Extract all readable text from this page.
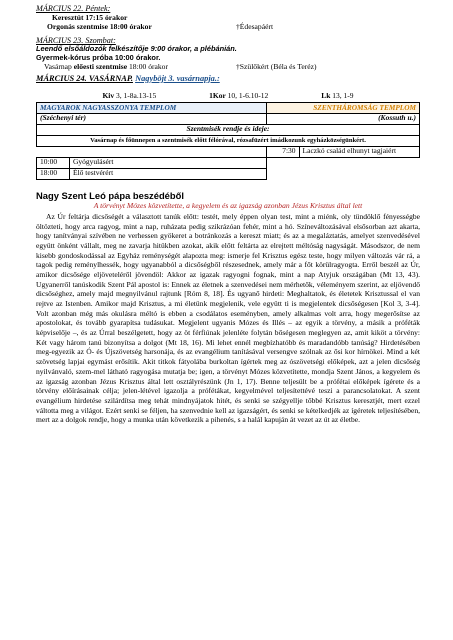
MÁRCIUS 22. Péntek:

Keresztút 17:15 órakor

Orgonás szentmise 18:00 órakor	†Édesapáért

MÁRCIUS 23. Szombat:

Leendő elsőáldozók felkészítője 9:00 órakor, a plébánián.

Gyermek-kórus próba 10:00 órakor.

Vasárnap előesti szentmise 18:00 órakor	†Szülőkért (Béla és Teréz)

MÁRCIUS 24. VASÁRNAP. Nagyböjt 3. vasárnapja.:

Kiv 3, 1-8a.13-15	1Kor 10, 1-6.10-12	Lk 13, 1-9
MAGYAROK NAGYASSZONYA TEMPLOM		SZENTHÁROMSÁG TEMPLOM	
(Széchenyi tér)		(Kossuth u.)	
Szentmisék rendje és ideje:			
Vasárnap és főünnepen a szentmisék előtt félórával, rózsafüzért imádkozunk egyházközségünkért.			
		7:30	Laczkó család elhunyt tagjaiért
10:00	Gyógyulásért		
18:00	Élő testvérért		

Nagy Szent Leó pápa beszédéből

A törvényt Mózes közvetítette, a kegyelem és az igazság azonban Jézus Krisztus által lett

Az Úr feltárja dicsőségét a választott tanúk előtt: testét, mely éppen olyan test, mint a miénk, oly tündöklő fényességbe öltözteti, hogy arca ragyog, mint a nap, ruházata pedig szikrázóan fehér, mint a hó. Színeváltozásával elsősorban azt akarta, hogy tanítványai szívében ne verhessen gyökeret a botránkozás a kereszt miatt; és az a megaláztatás, amelyet szenvedésével együtt önként vállalt, meg ne zavarja hitükben azokat, akik előtt feltárta az elrejtett méltóság nagyságát. Másodszor, de nem kisebb gondoskodással az Egyház reménységét alapozta meg: ismerje fel Krisztus egész teste, hogy milyen változás vár rá, a tagok pedig reménylhessék, hogy ugyanabból a dicsőségből részesednek, amely már a főt körülragyogta. Erről beszél az Úr, amikor dicsősége eljöveteléről jövendöl: Akkor az igazak ragyogni fognak, mint a nap Atyjuk országában (Mt 13, 43). Ugyanerről tanúskodik Szent Pál apostol is: Ennek az életnek a szenvedései nem mérhetők, véleményem szerint, az eljövendő dicsőséghez, amely majd megnyilvánul rajtunk [Róm 8, 18]. És ugyanő hirdeti: Meghaltatok, és életetek Krisztussal el van rejtve az Istenben. Amikor majd Krisztus, a mi életünk megjelenik, vele együtt ti is megjelentek dicsőségesen [Kol 3, 3-4]. Volt azonban még más okulásra méltó is ebben a csodálatos eseményben, amely alkalmas volt arra, hogy megerősítse az apostolokat, és tovább gyarapítsa tudásukat. Megjelent ugyanis Mózes és Illés – az egyik a törvény, a másik a próféták képviselője –, és az Úrral beszélgetett, hogy az öt férfiúnak jelenléte folytán bőségesen meglegyen az, amit kiköt a törvény: Két vagy három tanú bizonyítsa a dolgot (Mt 18, 16). Mi lehet ennél megbízhatóbb és maradandóbb tanúság? Hirdetésében meg-egyezik az Ó- és Újszövetség harsonája, és az evangélium tanításával versengve szólnak az ősi kor hírnökei. Mind a két szövetség lapjai egymást erősítik. Akit titkok fátyolába burkoltan ígértek meg az ószövetségi előképek, azt a jelen dicsőség nyilvánvaló, szem-mel látható ragyogása mutatja be; igen, a törvényt Mózes közvetítette, mondja Szent János, a kegyelem és az igazság azonban Jézus Krisztus által lett osztályrészünk (Jn 1, 17). Benne teljesült be a prófétai előképek ígérete és a törvény előírásainak célja; jelen-létével igazolja a prófétákat, kegyelmével teljesítettévé teszi a parancsolatokat. A szent evangélium hirdetése szilárdítsa meg tehát mindnyájatok hitét, és senki se szégyellje tőbbé Krisztus keresztjét, mert ezzel váltotta meg a világot. Ezért senki se féljen, ha szenvednie kell az igazságért, és senki se kételkedjék az ígéretek teljesítésében, mert az a dolgok rendje, hogy a munka után következik a pihenés, s a halál kapuján át vezet az út az életbe.
